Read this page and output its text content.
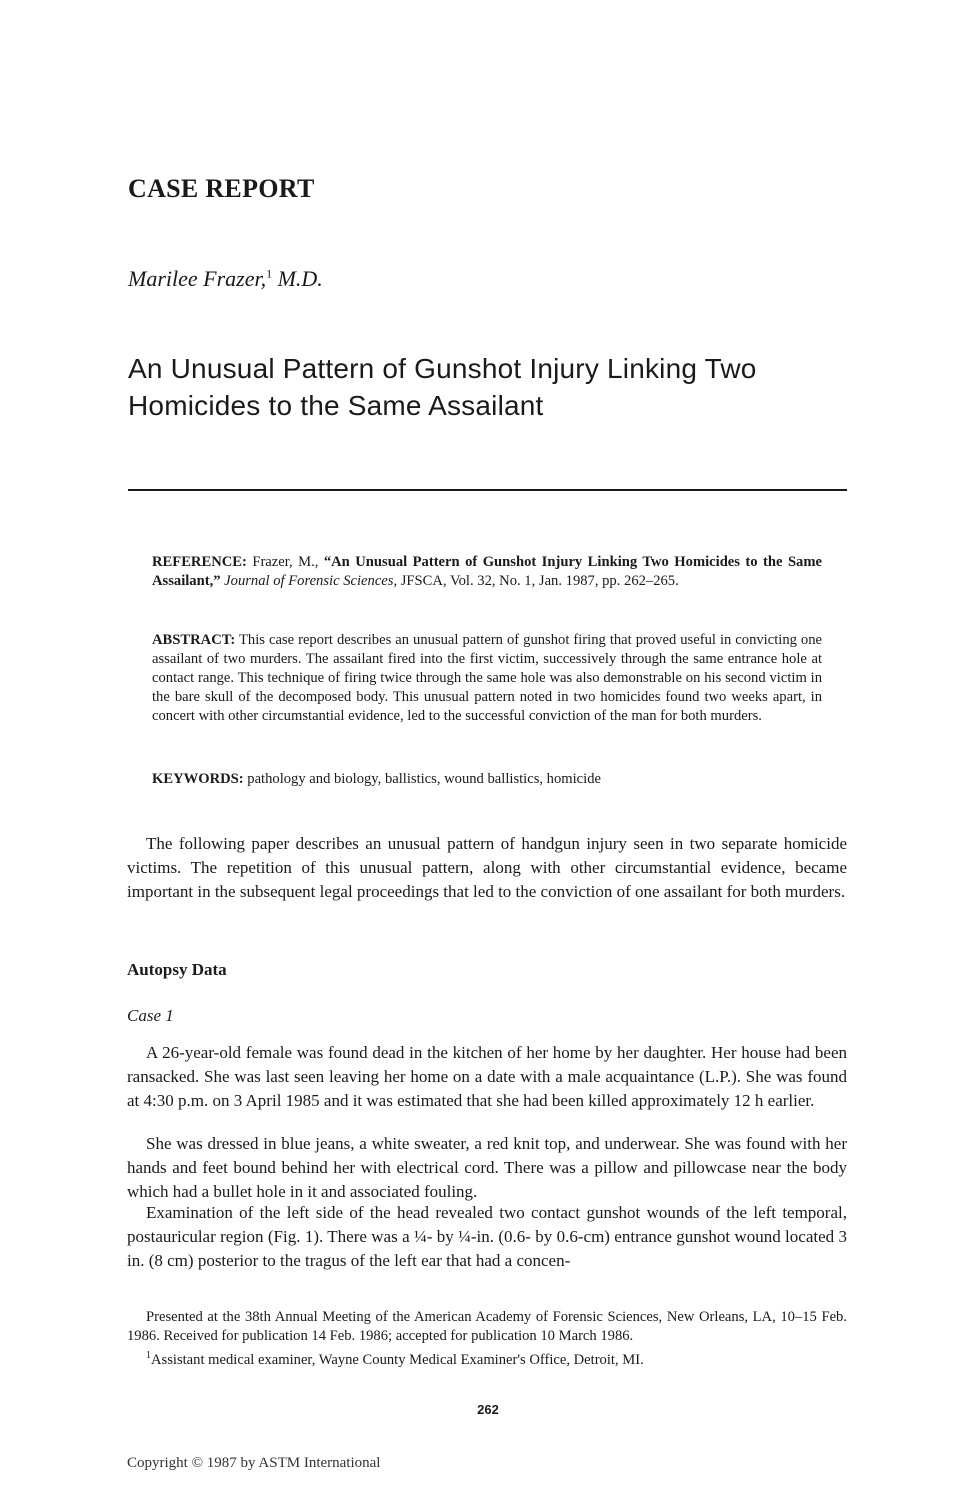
CASE REPORT
Marilee Frazer,$^1$ M.D.
An Unusual Pattern of Gunshot Injury Linking Two Homicides to the Same Assailant
REFERENCE: Frazer, M., “An Unusual Pattern of Gunshot Injury Linking Two Homicides to the Same Assailant,” Journal of Forensic Sciences, JFSCA, Vol. 32, No. 1, Jan. 1987, pp. 262–265.
ABSTRACT: This case report describes an unusual pattern of gunshot firing that proved useful in convicting one assailant of two murders. The assailant fired into the first victim, successively through the same entrance hole at contact range. This technique of firing twice through the same hole was also demonstrable on his second victim in the bare skull of the decomposed body. This unusual pattern noted in two homicides found two weeks apart, in concert with other circumstantial evidence, led to the successful conviction of the man for both murders.
KEYWORDS: pathology and biology, ballistics, wound ballistics, homicide
The following paper describes an unusual pattern of handgun injury seen in two separate homicide victims. The repetition of this unusual pattern, along with other circumstantial evidence, became important in the subsequent legal proceedings that led to the conviction of one assailant for both murders.
Autopsy Data
Case 1
A 26-year-old female was found dead in the kitchen of her home by her daughter. Her house had been ransacked. She was last seen leaving her home on a date with a male acquaintance (L.P.). She was found at 4:30 p.m. on 3 April 1985 and it was estimated that she had been killed approximately 12 h earlier.
She was dressed in blue jeans, a white sweater, a red knit top, and underwear. She was found with her hands and feet bound behind her with electrical cord. There was a pillow and pillowcase near the body which had a bullet hole in it and associated fouling.
Examination of the left side of the head revealed two contact gunshot wounds of the left temporal, postauricular region (Fig. 1). There was a ¼- by ¼-in. (0.6- by 0.6-cm) entrance gunshot wound located 3 in. (8 cm) posterior to the tragus of the left ear that had a concen-
Presented at the 38th Annual Meeting of the American Academy of Forensic Sciences, New Orleans, LA, 10–15 Feb. 1986. Received for publication 14 Feb. 1986; accepted for publication 10 March 1986.
$^1$Assistant medical examiner, Wayne County Medical Examiner's Office, Detroit, MI.
262
Copyright © 1987 by ASTM International
